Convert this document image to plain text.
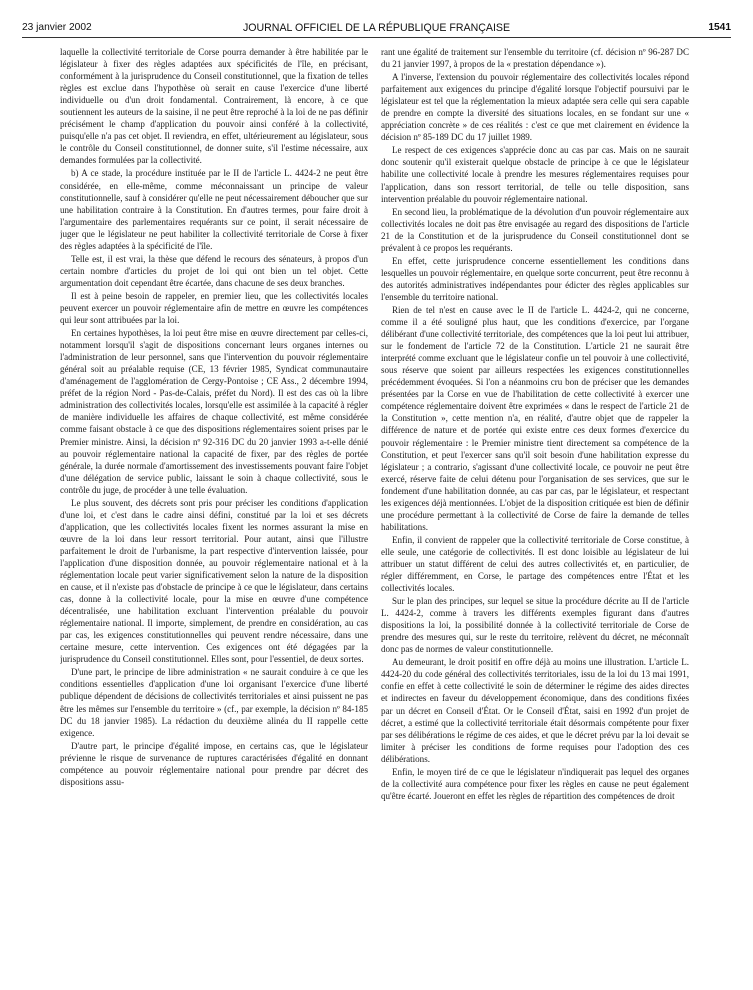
23 janvier 2002	JOURNAL OFFICIEL DE LA RÉPUBLIQUE FRANÇAISE	1541

laquelle la collectivité territoriale de Corse pourra demander à être habilitée par le législateur à fixer des règles adaptées aux spécificités de l'île, en précisant, conformément à la jurisprudence du Conseil constitutionnel, que la fixation de telles règles est exclue dans l'hypothèse où serait en cause l'exercice d'une liberté individuelle ou d'un droit fondamental. Contrairement, là encore, à ce que soutiennent les auteurs de la saisine, il ne peut être reproché à la loi de ne pas définir précisément le champ d'application du pouvoir ainsi conféré à la collectivité, puisqu'elle n'a pas cet objet. Il reviendra, en effet, ultérieurement au législateur, sous le contrôle du Conseil constitutionnel, de donner suite, s'il l'estime nécessaire, aux demandes formulées par la collectivité.

b) A ce stade, la procédure instituée par le II de l'article L. 4424-2 ne peut être considérée, en elle-même, comme méconnaissant un principe de valeur constitutionnelle, sauf à considérer qu'elle ne peut nécessairement déboucher que sur une habilitation contraire à la Constitution. En d'autres termes, pour faire droit à l'argumentaire des parlementaires requérants sur ce point, il serait nécessaire de juger que le législateur ne peut habiliter la collectivité territoriale de Corse à fixer des règles adaptées à la spécificité de l'île.

Telle est, il est vrai, la thèse que défend le recours des sénateurs, à propos d'un certain nombre d'articles du projet de loi qui ont bien un tel objet. Cette argumentation doit cependant être écartée, dans chacune de ses deux branches.

Il est à peine besoin de rappeler, en premier lieu, que les collectivités locales peuvent exercer un pouvoir réglementaire afin de mettre en œuvre les compétences qui leur sont attribuées par la loi.

En certaines hypothèses, la loi peut être mise en œuvre directement par celles-ci, notamment lorsqu'il s'agit de dispositions concernant leurs organes internes ou l'administration de leur personnel, sans que l'intervention du pouvoir réglementaire général soit au préalable requise (CE, 13 février 1985, Syndicat communautaire d'aménagement de l'agglomération de Cergy-Pontoise ; CE Ass., 2 décembre 1994, préfet de la région Nord - Pas-de-Calais, préfet du Nord). Il est des cas où la libre administration des collectivités locales, lorsqu'elle est assimilée à la capacité à régler de manière individuelle les affaires de chaque collectivité, est même considérée comme faisant obstacle à ce que des dispositions réglementaires soient prises par le Premier ministre. Ainsi, la décision nº 92-316 DC du 20 janvier 1993 a-t-elle dénié au pouvoir réglementaire national la capacité de fixer, par des règles de portée générale, la durée normale d'amortissement des investissements pouvant faire l'objet d'une délégation de service public, laissant le soin à chaque collectivité, sous le contrôle du juge, de procéder à une telle évaluation.

Le plus souvent, des décrets sont pris pour préciser les conditions d'application d'une loi, et c'est dans le cadre ainsi défini, constitué par la loi et ses décrets d'application, que les collectivités locales fixent les normes assurant la mise en œuvre de la loi dans leur ressort territorial. Pour autant, ainsi que l'illustre parfaitement le droit de l'urbanisme, la part respective d'intervention laissée, pour l'application d'une disposition donnée, au pouvoir réglementaire national et à la réglementation locale peut varier significativement selon la nature de la disposition en cause, et il n'existe pas d'obstacle de principe à ce que le législateur, dans certains cas, donne à la collectivité locale, pour la mise en œuvre d'une compétence décentralisée, une habilitation excluant l'intervention préalable du pouvoir réglementaire national. Il importe, simplement, de prendre en considération, au cas par cas, les exigences constitutionnelles qui peuvent rendre nécessaire, dans une certaine mesure, cette intervention. Ces exigences ont été dégagées par la jurisprudence du Conseil constitutionnel. Elles sont, pour l'essentiel, de deux sortes.

D'une part, le principe de libre administration « ne saurait conduire à ce que les conditions essentielles d'application d'une loi organisant l'exercice d'une liberté publique dépendent de décisions de collectivités territoriales et ainsi puissent ne pas être les mêmes sur l'ensemble du territoire » (cf., par exemple, la décision nº 84-185 DC du 18 janvier 1985). La rédaction du deuxième alinéa du II rappelle cette exigence.

D'autre part, le principe d'égalité impose, en certains cas, que le législateur prévienne le risque de survenance de ruptures caractérisées d'égalité en donnant compétence au pouvoir réglementaire national pour prendre par décret des dispositions assu-

rant une égalité de traitement sur l'ensemble du territoire (cf. décision nº 96-287 DC du 21 janvier 1997, à propos de la « prestation dépendance »).

A l'inverse, l'extension du pouvoir réglementaire des collectivités locales répond parfaitement aux exigences du principe d'égalité lorsque l'objectif poursuivi par le législateur est tel que la réglementation la mieux adaptée sera celle qui sera capable de prendre en compte la diversité des situations locales, en se fondant sur une « appréciation concrète » de ces réalités : c'est ce que met clairement en évidence la décision nº 85-189 DC du 17 juillet 1989.

Le respect de ces exigences s'apprécie donc au cas par cas. Mais on ne saurait donc soutenir qu'il existerait quelque obstacle de principe à ce que le législateur habilite une collectivité locale à prendre les mesures réglementaires requises pour l'application, dans son ressort territorial, de telle ou telle disposition, sans intervention préalable du pouvoir réglementaire national.

En second lieu, la problématique de la dévolution d'un pouvoir réglementaire aux collectivités locales ne doit pas être envisagée au regard des dispositions de l'article 21 de la Constitution et de la jurisprudence du Conseil constitutionnel dont se prévalent à ce propos les requérants.

En effet, cette jurisprudence concerne essentiellement les conditions dans lesquelles un pouvoir réglementaire, en quelque sorte concurrent, peut être reconnu à des autorités administratives indépendantes pour édicter des règles applicables sur l'ensemble du territoire national.

Rien de tel n'est en cause avec le II de l'article L. 4424-2, qui ne concerne, comme il a été souligné plus haut, que les conditions d'exercice, par l'organe délibérant d'une collectivité territoriale, des compétences que la loi peut lui attribuer, sur le fondement de l'article 72 de la Constitution. L'article 21 ne saurait être interprété comme excluant que le législateur confie un tel pouvoir à une collectivité, sous réserve que soient par ailleurs respectées les exigences constitutionnelles précédemment évoquées. Si l'on a néanmoins cru bon de préciser que les demandes présentées par la Corse en vue de l'habilitation de cette collectivité à exercer une compétence réglementaire doivent être exprimées « dans le respect de l'article 21 de la Constitution », cette mention n'a, en réalité, d'autre objet que de rappeler la différence de nature et de portée qui existe entre ces deux formes d'exercice du pouvoir réglementaire : le Premier ministre tient directement sa compétence de la Constitution, et peut l'exercer sans qu'il soit besoin d'une habilitation expresse du législateur ; a contrario, s'agissant d'une collectivité locale, ce pouvoir ne peut être exercé, réserve faite de celui détenu pour l'organisation de ses services, que sur le fondement d'une habilitation donnée, au cas par cas, par le législateur, et respectant les exigences déjà mentionnées. L'objet de la disposition critiquée est bien de définir une procédure permettant à la collectivité de Corse de faire la demande de telles habilitations.

Enfin, il convient de rappeler que la collectivité territoriale de Corse constitue, à elle seule, une catégorie de collectivités. Il est donc loisible au législateur de lui attribuer un statut différent de celui des autres collectivités et, en particulier, de régler différemment, en Corse, le partage des compétences entre l'État et les collectivités locales.

Sur le plan des principes, sur lequel se situe la procédure décrite au II de l'article L. 4424-2, comme à travers les différents exemples figurant dans d'autres dispositions la loi, la possibilité donnée à la collectivité territoriale de Corse de prendre des mesures qui, sur le reste du territoire, relèvent du décret, ne méconnaît donc pas de normes de valeur constitutionnelle.

Au demeurant, le droit positif en offre déjà au moins une illustration. L'article L. 4424-20 du code général des collectivités territoriales, issu de la loi du 13 mai 1991, confie en effet à cette collectivité le soin de déterminer le régime des aides directes et indirectes en faveur du développement économique, dans des conditions fixées par un décret en Conseil d'État. Or le Conseil d'État, saisi en 1992 d'un projet de décret, a estimé que la collectivité territoriale était désormais compétente pour fixer par ses délibérations le régime de ces aides, et que le décret prévu par la loi devait se limiter à préciser les conditions de forme requises pour l'adoption des ces délibérations.

Enfin, le moyen tiré de ce que le législateur n'indiquerait pas lequel des organes de la collectivité aura compétence pour fixer les règles en cause ne peut également qu'être écarté. Joueront en effet les règles de répartition des compétences de droit
